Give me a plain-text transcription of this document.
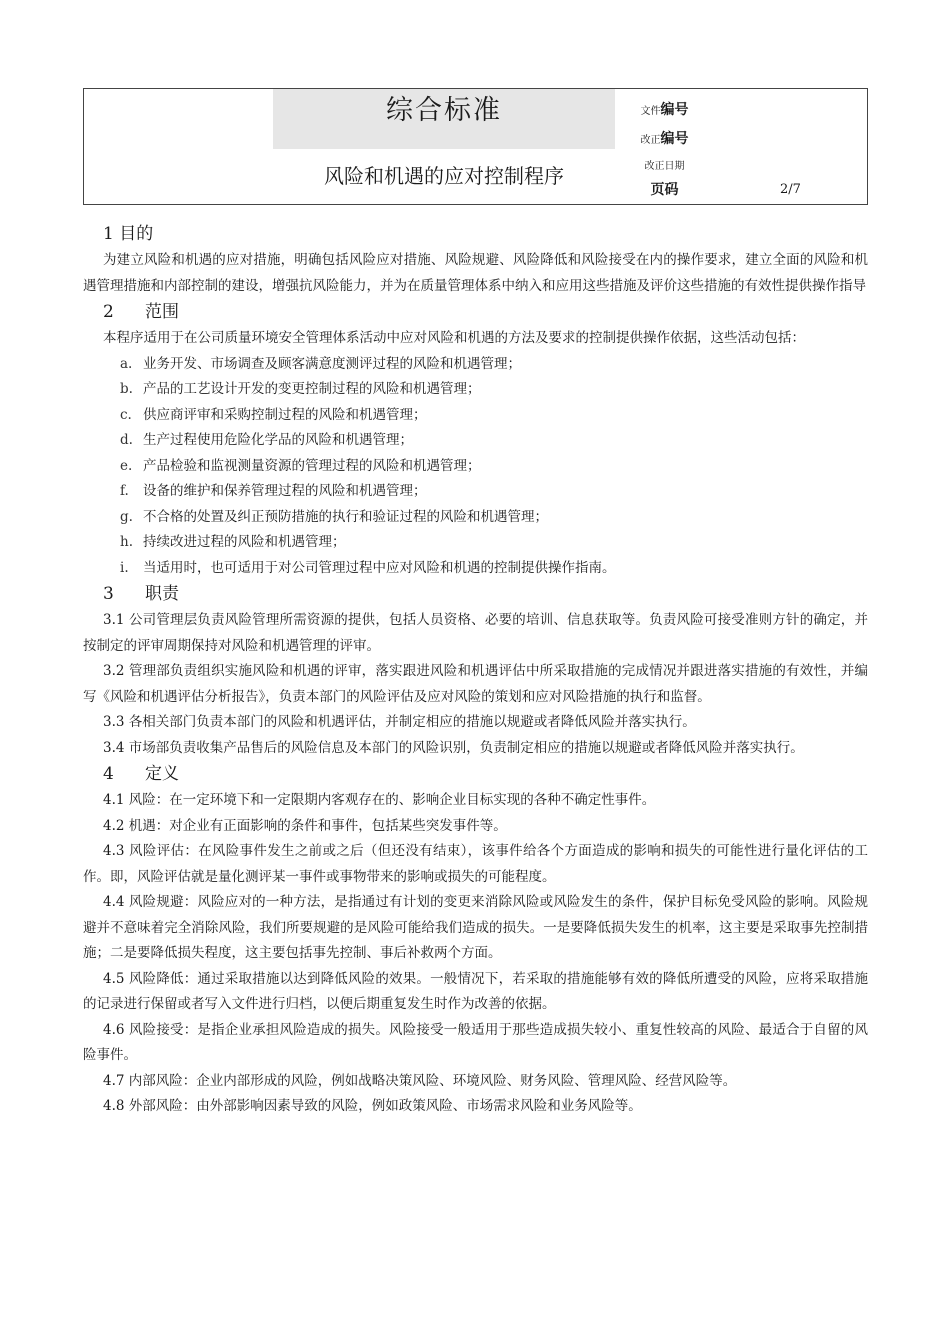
综合标准
风险和机遇的应对控制程序
文件编号
改正编号
改正日期
页码	2/7
1 目的

为建立风险和机遇的应对措施，明确包括风险应对措施、风险规避、风险降低和风险接受在内的操作要求，建立全面的风险和机遇管理措施和内部控制的建设，增强抗风险能力，并为在质量管理体系中纳入和应用这些措施及评价这些措施的有效性提供操作指导

2 范围

本程序适用于在公司质量环境安全管理体系活动中应对风险和机遇的方法及要求的控制提供操作依据，这些活动包括：

a. 业务开发、市场调查及顾客满意度测评过程的风险和机遇管理；
b. 产品的工艺设计开发的变更控制过程的风险和机遇管理；
c. 供应商评审和采购控制过程的风险和机遇管理；
d. 生产过程使用危险化学品的风险和机遇管理；
e. 产品检验和监视测量资源的管理过程的风险和机遇管理；
f. 设备的维护和保养管理过程的风险和机遇管理；
g. 不合格的处置及纠正预防措施的执行和验证过程的风险和机遇管理；
h. 持续改进过程的风险和机遇管理；
i. 当适用时，也可适用于对公司管理过程中应对风险和机遇的控制提供操作指南。
3 职责

3.1 公司管理层负责风险管理所需资源的提供，包括人员资格、必要的培训、信息获取等。负责风险可接受准则方针的确定，并按制定的评审周期保持对风险和机遇管理的评审。

3.2 管理部负责组织实施风险和机遇的评审，落实跟进风险和机遇评估中所采取措施的完成情况并跟进落实措施的有效性，并编写《风险和机遇评估分析报告》，负责本部门的风险评估及应对风险的策划和应对风险措施的执行和监督。

3.3 各相关部门负责本部门的风险和机遇评估，并制定相应的措施以规避或者降低风险并落实执行。

3.4 市场部负责收集产品售后的风险信息及本部门的风险识别，负责制定相应的措施以规避或者降低风险并落实执行。

4 定义

4.1 风险：在一定环境下和一定限期内客观存在的、影响企业目标实现的各种不确定性事件。

4.2 机遇：对企业有正面影响的条件和事件，包括某些突发事件等。

4.3 风险评估：在风险事件发生之前或之后（但还没有结束），该事件给各个方面造成的影响和损失的可能性进行量化评估的工作。即，风险评估就是量化测评某一事件或事物带来的影响或损失的可能程度。

4.4 风险规避：风险应对的一种方法，是指通过有计划的变更来消除风险或风险发生的条件，保护目标免受风险的影响。风险规避并不意味着完全消除风险，我们所要规避的是风险可能给我们造成的损失。一是要降低损失发生的机率，这主要是采取事先控制措施；二是要降低损失程度，这主要包括事先控制、事后补救两个方面。

4.5 风险降低：通过采取措施以达到降低风险的效果。一般情况下，若采取的措施能够有效的降低所遭受的风险，应将采取措施的记录进行保留或者写入文件进行归档，以便后期重复发生时作为改善的依据。

4.6 风险接受：是指企业承担风险造成的损失。风险接受一般适用于那些造成损失较小、重复性较高的风险、最适合于自留的风险事件。

4.7 内部风险：企业内部形成的风险，例如战略决策风险、环境风险、财务风险、管理风险、经营风险等。

4.8 外部风险：由外部影响因素导致的风险，例如政策风险、市场需求风险和业务风险等。
